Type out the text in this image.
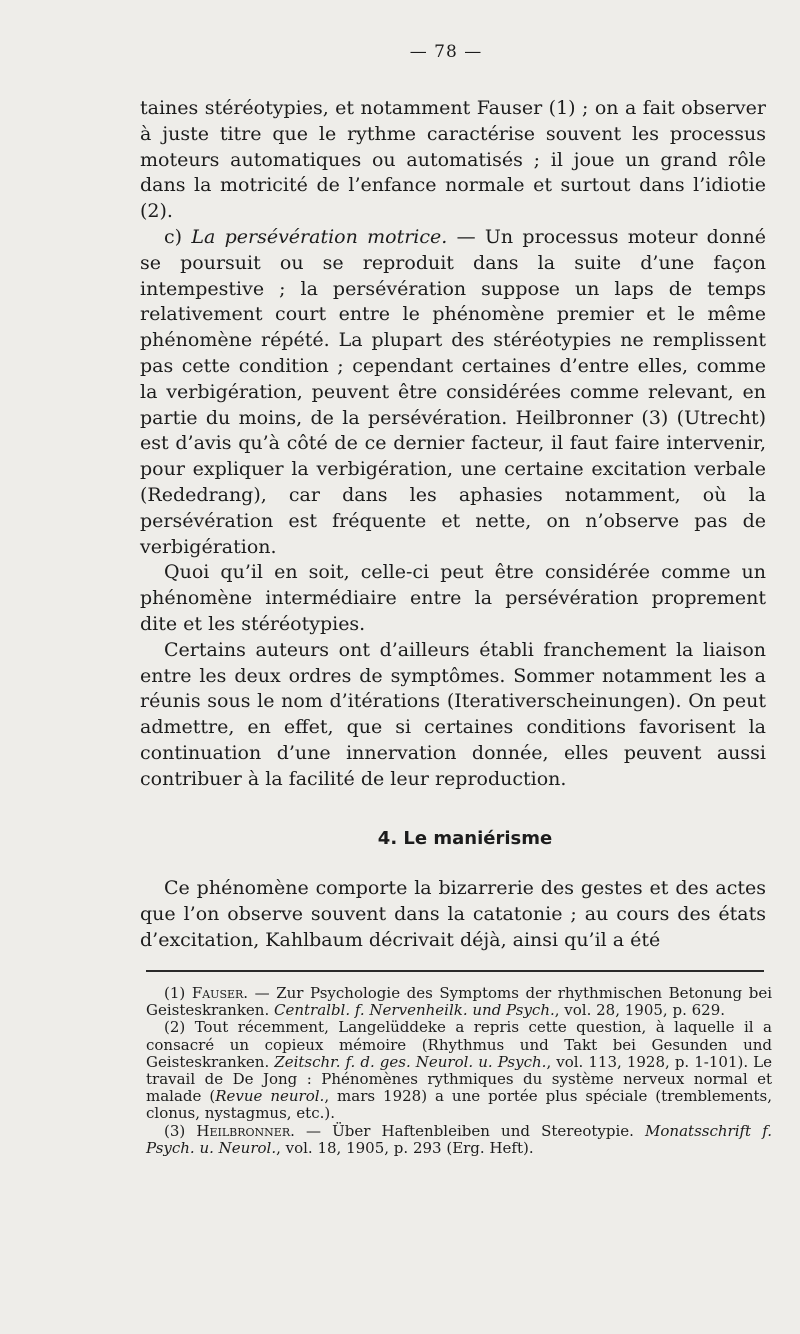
— 78 —

taines stéréotypies, et notamment Fauser (1) ; on a fait observer à juste titre que le rythme caractérise souvent les processus moteurs automatiques ou automatisés ; il joue un grand rôle dans la motricité de l’enfance normale et surtout dans l’idiotie (2).

c) La persévération motrice. — Un processus moteur donné se poursuit ou se reproduit dans la suite d’une façon intempestive ; la persévération suppose un laps de temps relativement court entre le phénomène premier et le même phénomène répété. La plupart des stéréotypies ne remplissent pas cette condition ; cependant certaines d’entre elles, comme la verbigération, peuvent être considérées comme relevant, en partie du moins, de la persévération. Heilbronner (3) (Utrecht) est d’avis qu’à côté de ce dernier facteur, il faut faire intervenir, pour expliquer la verbigération, une certaine excitation verbale (Rededrang), car dans les aphasies notamment, où la persévération est fréquente et nette, on n’observe pas de verbigération.

Quoi qu’il en soit, celle-ci peut être considérée comme un phénomène intermédiaire entre la persévération proprement dite et les stéréotypies.

Certains auteurs ont d’ailleurs établi franchement la liaison entre les deux ordres de symptômes. Sommer notamment les a réunis sous le nom d’itérations (Iterativerscheinungen). On peut admettre, en effet, que si certaines conditions favorisent la continuation d’une innervation donnée, elles peuvent aussi contribuer à la facilité de leur reproduction.

4. Le maniérisme

Ce phénomène comporte la bizarrerie des gestes et des actes que l’on observe souvent dans la catatonie ; au cours des états d’excitation, Kahlbaum décrivait déjà, ainsi qu’il a été

(1) Fauser. — Zur Psychologie des Symptoms der rhythmischen Betonung bei Geisteskranken. Centralbl. f. Nervenheilk. und Psych., vol. 28, 1905, p. 629.

(2) Tout récemment, Langelüddeke a repris cette question, à laquelle il a consacré un copieux mémoire (Rhythmus und Takt bei Gesunden und Geisteskranken. Zeitschr. f. d. ges. Neurol. u. Psych., vol. 113, 1928, p. 1-101). Le travail de De Jong : Phénomènes rythmiques du système nerveux normal et malade (Revue neurol., mars 1928) a une portée plus spéciale (tremblements, clonus, nystagmus, etc.).

(3) Heilbronner. — Über Haftenbleiben und Stereotypie. Monatsschrift f. Psych. u. Neurol., vol. 18, 1905, p. 293 (Erg. Heft).
